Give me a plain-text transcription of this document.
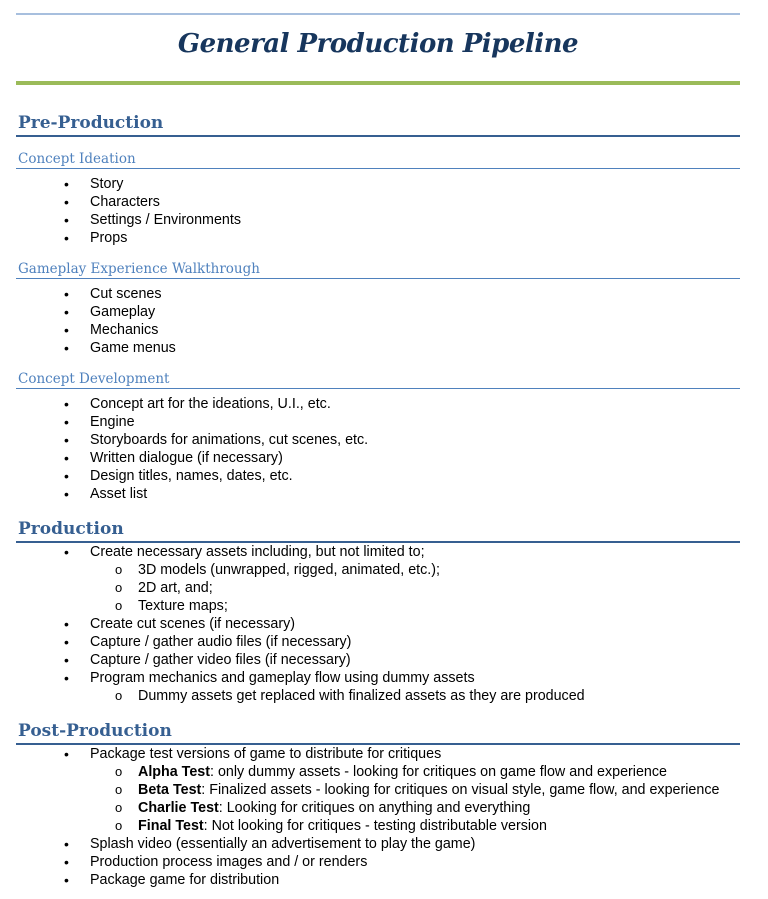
General Production Pipeline
Pre-Production
Concept Ideation
• Story
• Characters
• Settings / Environments
• Props
Gameplay Experience Walkthrough
• Cut scenes
• Gameplay
• Mechanics
• Game menus
Concept Development
• Concept art for the ideations, U.I., etc.
• Engine
• Storyboards for animations, cut scenes, etc.
• Written dialogue (if necessary)
• Design titles, names, dates, etc.
• Asset list
Production
• Create necessary assets including, but not limited to;
o 3D models (unwrapped, rigged, animated, etc.);
o 2D art, and;
o Texture maps;
• Create cut scenes (if necessary)
• Capture / gather audio files (if necessary)
• Capture / gather video files (if necessary)
• Program mechanics and gameplay flow using dummy assets
o Dummy assets get replaced with finalized assets as they are produced
Post-Production
• Package test versions of game to distribute for critiques
o Alpha Test: only dummy assets - looking for critiques on game flow and experience
o Beta Test: Finalized assets - looking for critiques on visual style, game flow, and experience
o Charlie Test: Looking for critiques on anything and everything
o Final Test: Not looking for critiques - testing distributable version
• Splash video (essentially an advertisement to play the game)
• Production process images and / or renders
• Package game for distribution
